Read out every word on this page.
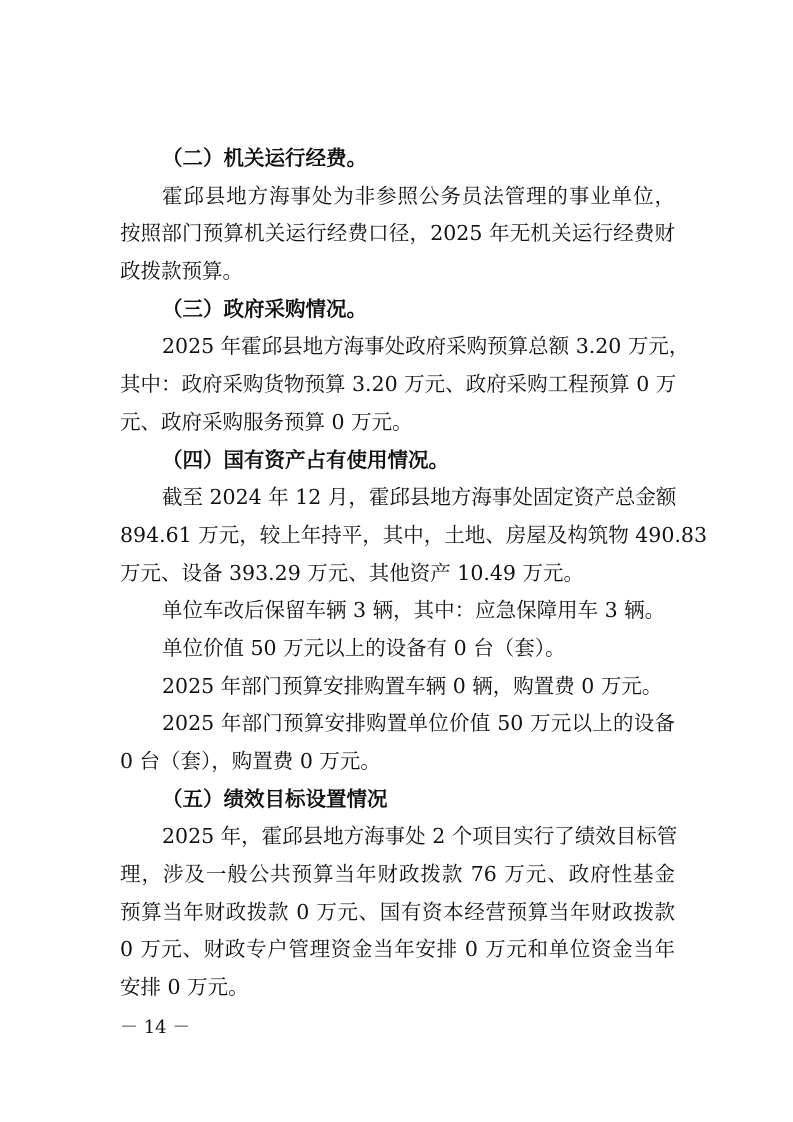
（二）机关运行经费。
霍邱县地方海事处为非参照公务员法管理的事业单位，
按照部门预算机关运行经费口径，2025 年无机关运行经费财
政拨款预算。
（三）政府采购情况。
2025 年霍邱县地方海事处政府采购预算总额 3.20 万元，
其中：政府采购货物预算 3.20 万元、政府采购工程预算 0 万
元、政府采购服务预算 0 万元。
（四）国有资产占有使用情况。
截至 2024 年 12 月，霍邱县地方海事处固定资产总金额
894.61 万元，较上年持平，其中，土地、房屋及构筑物 490.83
万元、设备 393.29 万元、其他资产 10.49 万元。
单位车改后保留车辆 3 辆，其中：应急保障用车 3 辆。
单位价值 50 万元以上的设备有 0 台（套）。
2025 年部门预算安排购置车辆 0 辆，购置费 0 万元。
2025 年部门预算安排购置单位价值 50 万元以上的设备
0 台（套），购置费 0 万元。
（五）绩效目标设置情况
2025 年，霍邱县地方海事处 2 个项目实行了绩效目标管
理，涉及一般公共预算当年财政拨款 76 万元、政府性基金
预算当年财政拨款 0 万元、国有资本经营预算当年财政拨款
0 万元、财政专户管理资金当年安排 0 万元和单位资金当年
安排 0 万元。
－ 14 －
